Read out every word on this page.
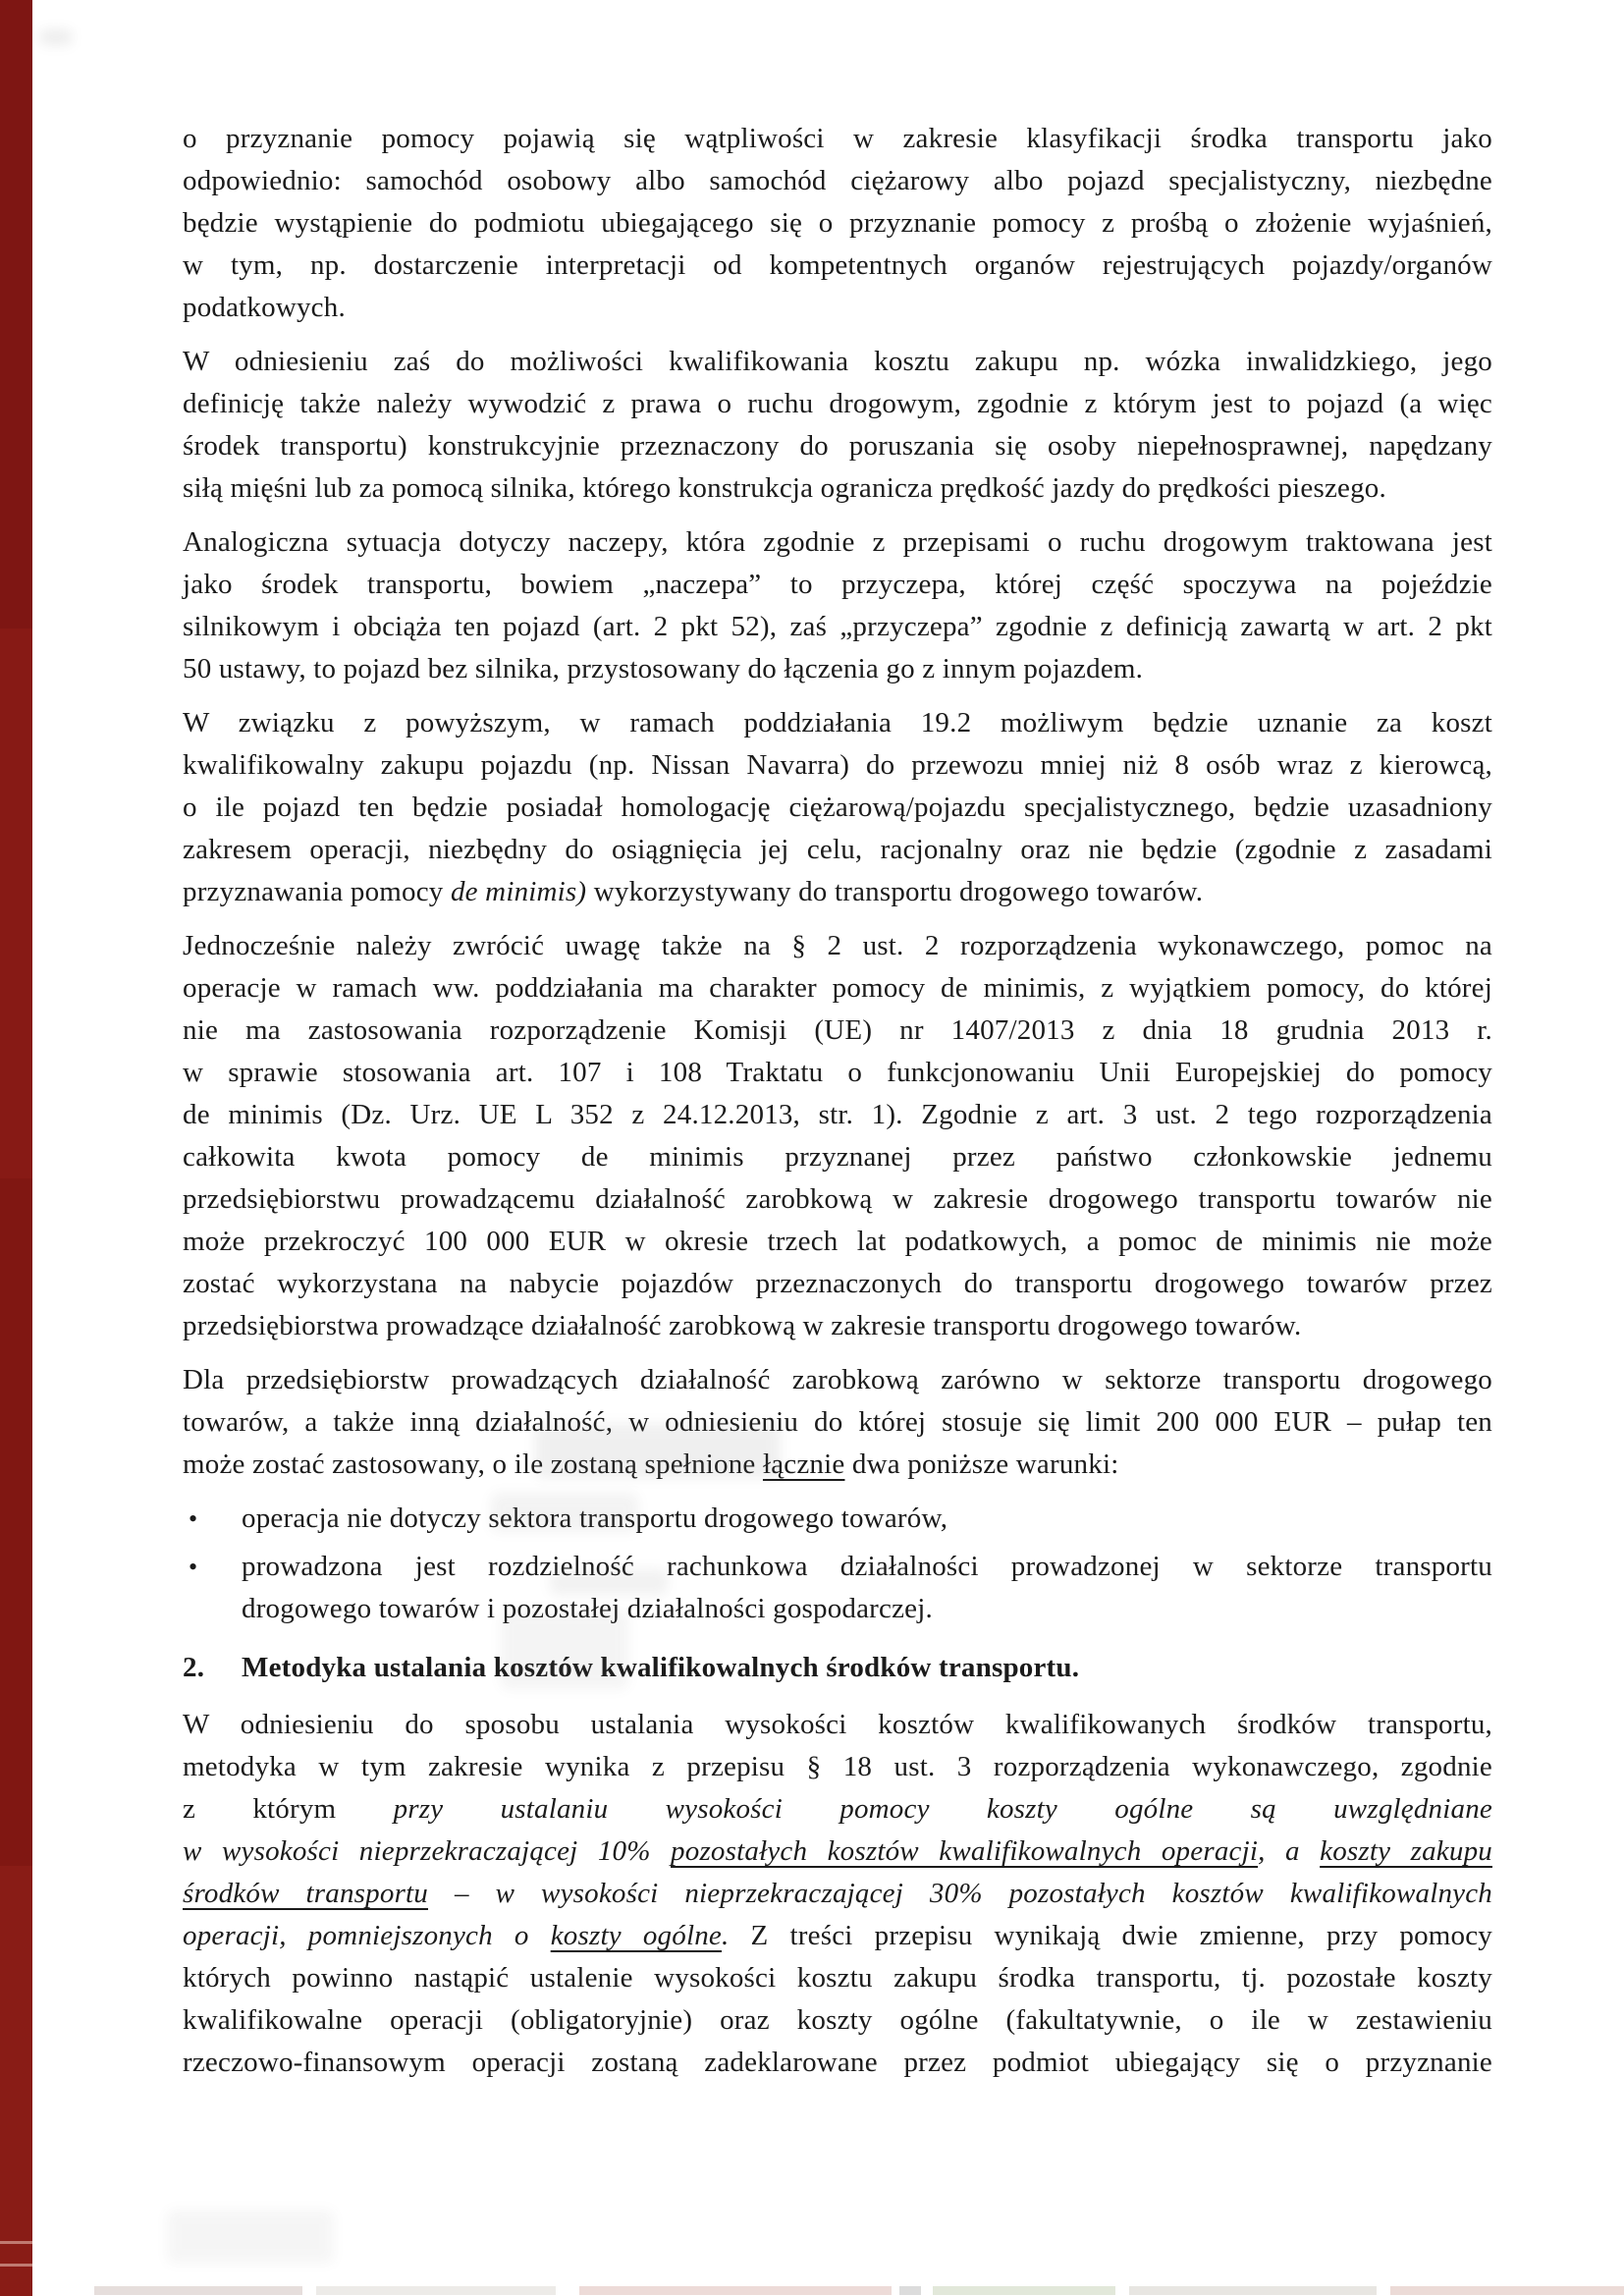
o przyznanie pomocy pojawią się wątpliwości w zakresie klasyfikacji środka transportu jako
odpowiednio: samochód osobowy albo samochód ciężarowy albo pojazd specjalistyczny, niezbędne
będzie wystąpienie do podmiotu ubiegającego się o przyznanie pomocy z prośbą o złożenie wyjaśnień,
w tym, np. dostarczenie interpretacji od kompetentnych organów rejestrujących pojazdy/organów
podatkowych.
W odniesieniu zaś do możliwości kwalifikowania kosztu zakupu np. wózka inwalidzkiego, jego
definicję także należy wywodzić z prawa o ruchu drogowym, zgodnie z którym jest to pojazd (a więc
środek transportu) konstrukcyjnie przeznaczony do poruszania się osoby niepełnosprawnej, napędzany
siłą mięśni lub za pomocą silnika, którego konstrukcja ogranicza prędkość jazdy do prędkości pieszego.
Analogiczna sytuacja dotyczy naczepy, która zgodnie z przepisami o ruchu drogowym traktowana jest
jako środek transportu, bowiem „naczepa” to przyczepa, której część spoczywa na pojeździe
silnikowym i obciąża ten pojazd (art. 2 pkt 52), zaś „przyczepa” zgodnie z definicją zawartą w art. 2 pkt
50 ustawy, to pojazd bez silnika, przystosowany do łączenia go z innym pojazdem.
W związku z powyższym, w ramach poddziałania 19.2 możliwym będzie uznanie za koszt
kwalifikowalny zakupu pojazdu (np. Nissan Navarra) do przewozu mniej niż 8 osób wraz z kierowcą,
o ile pojazd ten będzie posiadał homologację ciężarową/pojazdu specjalistycznego, będzie uzasadniony
zakresem operacji, niezbędny do osiągnięcia jej celu, racjonalny oraz nie będzie (zgodnie z zasadami
przyznawania pomocy de minimis) wykorzystywany do transportu drogowego towarów.
Jednocześnie należy zwrócić uwagę także na § 2 ust. 2 rozporządzenia wykonawczego, pomoc na
operacje w ramach ww. poddziałania ma charakter pomocy de minimis, z wyjątkiem pomocy, do której
nie ma zastosowania rozporządzenie Komisji (UE) nr 1407/2013 z dnia 18 grudnia 2013 r.
w sprawie stosowania art. 107 i 108 Traktatu o funkcjonowaniu Unii Europejskiej do pomocy
de minimis (Dz. Urz. UE L 352 z 24.12.2013, str. 1). Zgodnie z art. 3 ust. 2 tego rozporządzenia
całkowita kwota pomocy de minimis przyznanej przez państwo członkowskie jednemu
przedsiębiorstwu prowadzącemu działalność zarobkową w zakresie drogowego transportu towarów nie
może przekroczyć 100 000 EUR w okresie trzech lat podatkowych, a pomoc de minimis nie może
zostać wykorzystana na nabycie pojazdów przeznaczonych do transportu drogowego towarów przez
przedsiębiorstwa prowadzące działalność zarobkową w zakresie transportu drogowego towarów.
Dla przedsiębiorstw prowadzących działalność zarobkową zarówno w sektorze transportu drogowego
towarów, a także inną działalność, w odniesieniu do której stosuje się limit 200 000 EUR – pułap ten
może zostać zastosowany, o ile zostaną spełnione łącznie dwa poniższe warunki:
•	operacja nie dotyczy sektora transportu drogowego towarów,
•	prowadzona jest rozdzielność rachunkowa działalności prowadzonej w sektorze transportu
drogowego towarów i pozostałej działalności gospodarczej.
2.	Metodyka ustalania kosztów kwalifikowalnych środków transportu.
W odniesieniu do sposobu ustalania wysokości kosztów kwalifikowanych środków transportu,
metodyka w tym zakresie wynika z przepisu § 18 ust. 3 rozporządzenia wykonawczego, zgodnie
z którym przy ustalaniu wysokości pomocy koszty ogólne są uwzględniane
w wysokości nieprzekraczającej 10% pozostałych kosztów kwalifikowalnych operacji, a koszty zakupu
środków transportu – w wysokości nieprzekraczającej 30% pozostałych kosztów kwalifikowalnych
operacji, pomniejszonych o koszty ogólne. Z treści przepisu wynikają dwie zmienne, przy pomocy
których powinno nastąpić ustalenie wysokości kosztu zakupu środka transportu, tj. pozostałe koszty
kwalifikowalne operacji (obligatoryjnie) oraz koszty ogólne (fakultatywnie, o ile w zestawieniu
rzeczowo-finansowym operacji zostaną zadeklarowane przez podmiot ubiegający się o przyznanie
